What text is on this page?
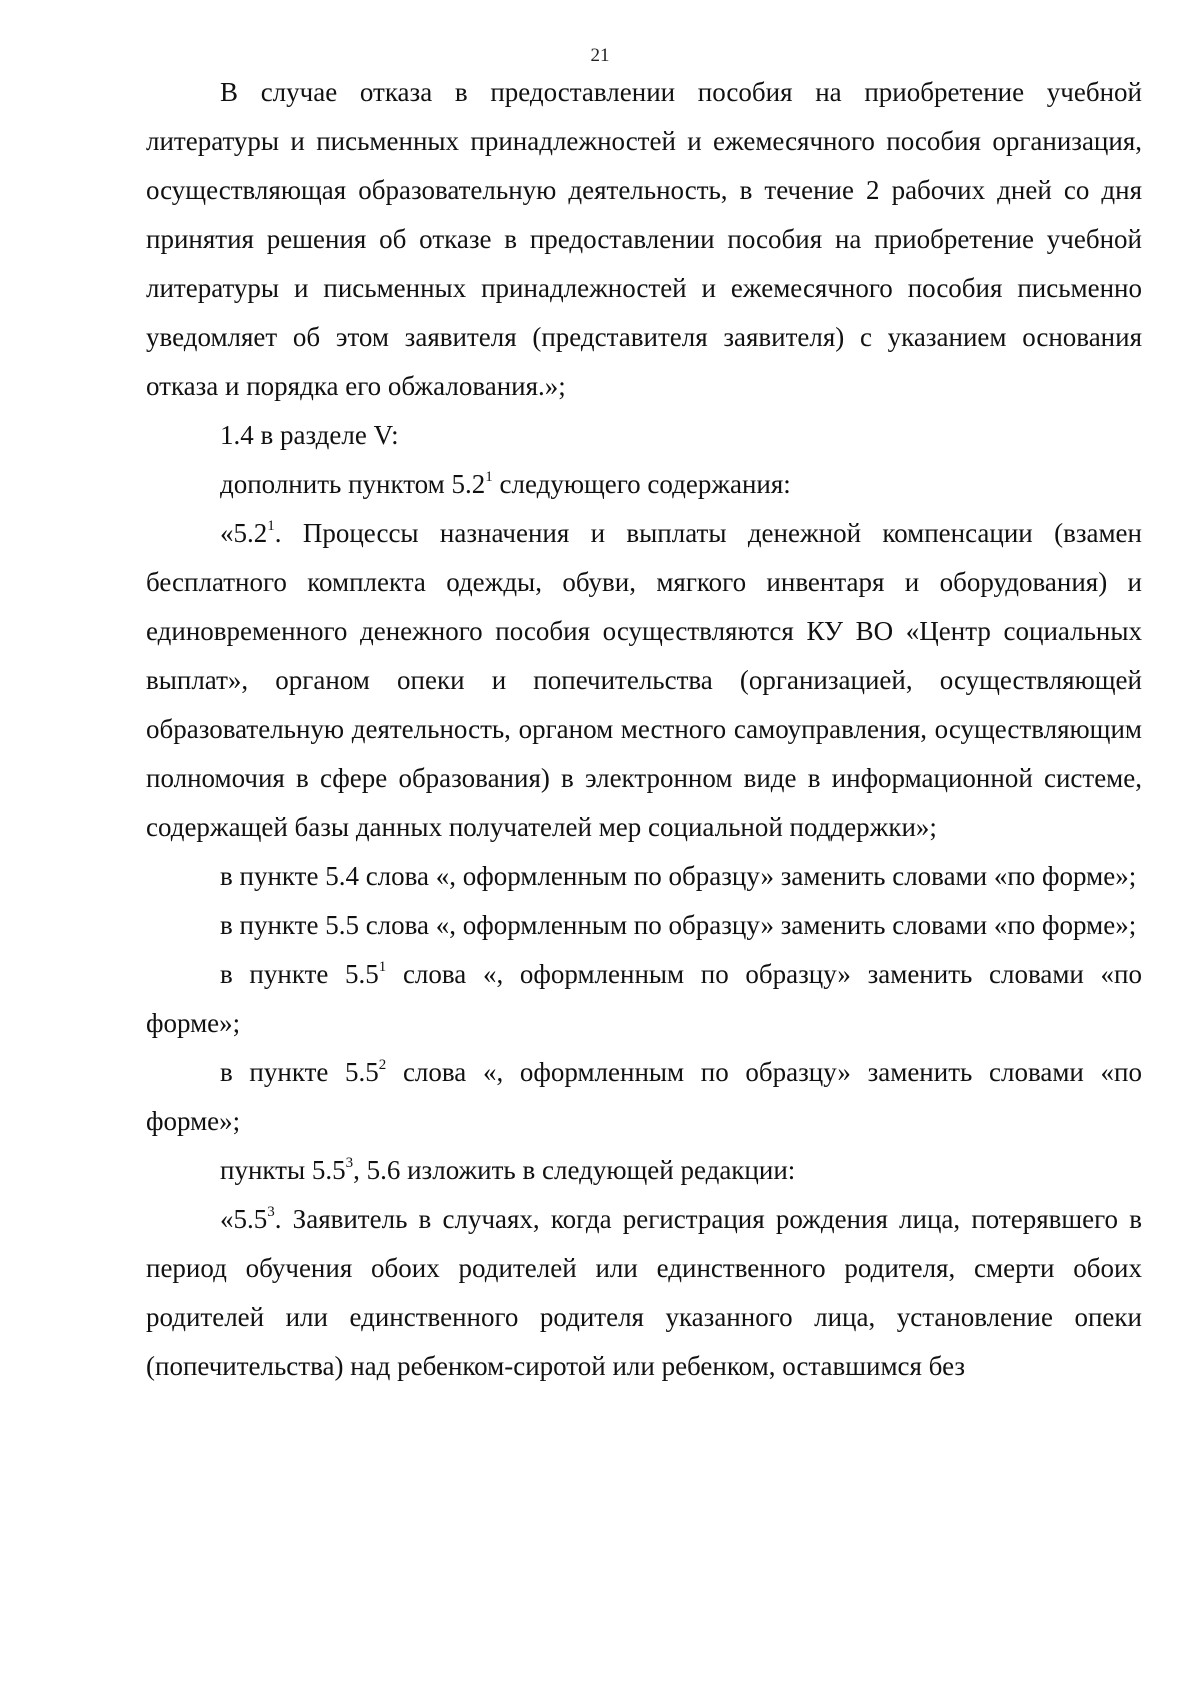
21

В случае отказа в предоставлении пособия на приобретение учебной литературы и письменных принадлежностей и ежемесячного пособия организация, осуществляющая образовательную деятельность, в течение 2 рабочих дней со дня принятия решения об отказе в предоставлении пособия на приобретение учебной литературы и письменных принадлежностей и ежемесячного пособия письменно уведомляет об этом заявителя (представителя заявителя) с указанием основания отказа и порядка его обжалования.»;

1.4 в разделе V:

дополнить пунктом $5.2^1$ следующего содержания:

«$5.2^1$. Процессы назначения и выплаты денежной компенсации (взамен бесплатного комплекта одежды, обуви, мягкого инвентаря и оборудования) и единовременного денежного пособия осуществляются КУ ВО «Центр социальных выплат», органом опеки и попечительства (организацией, осуществляющей образовательную деятельность, органом местного самоуправления, осуществляющим полномочия в сфере образования) в электронном виде в информационной системе, содержащей базы данных получателей мер социальной поддержки»;

в пункте 5.4 слова «, оформленным по образцу» заменить словами «по форме»;

в пункте 5.5 слова «, оформленным по образцу» заменить словами «по форме»;

в пункте $5.5^1$ слова «, оформленным по образцу» заменить словами «по форме»;

в пункте $5.5^2$ слова «, оформленным по образцу» заменить словами «по форме»;

пункты $5.5^3$, 5.6 изложить в следующей редакции:

«$5.5^3$. Заявитель в случаях, когда регистрация рождения лица, потерявшего в период обучения обоих родителей или единственного родителя, смерти обоих родителей или единственного родителя указанного лица, установление опеки (попечительства) над ребенком-сиротой или ребенком, оставшимся без
